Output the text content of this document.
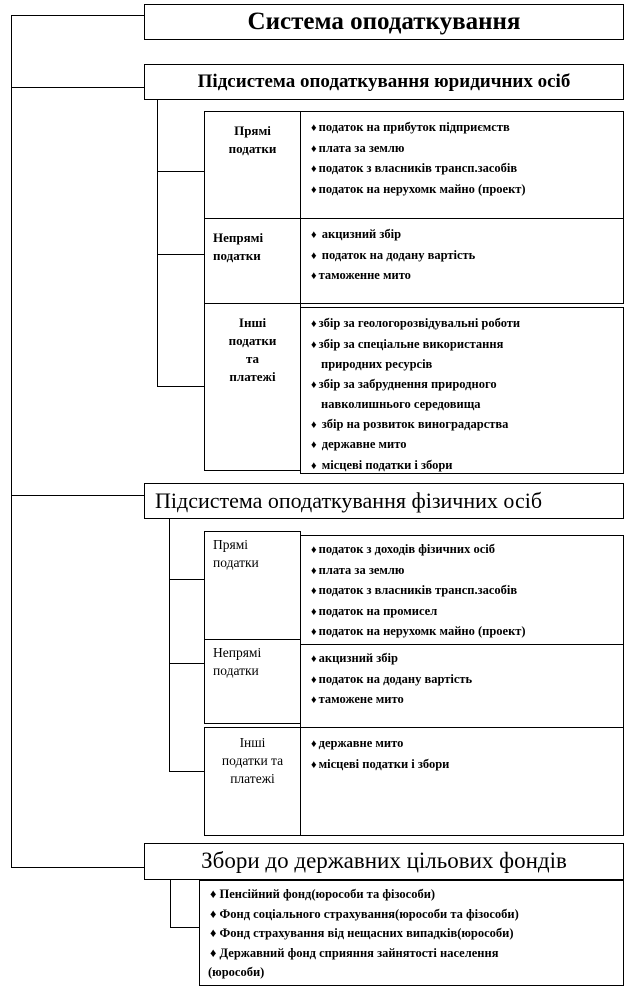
Система оподаткування
Підсистема оподаткування юридичних осіб
Прямі
податки
♦ податок на прибуток підприємств
♦ плата за землю
♦ податок з власників трансп.засобів
♦ податок на нерухомк майно (проект)
Непрямі
податки
♦ акцизний збір
♦ податок на додану вартість
♦ таможенне мито
Інші
податки
та
платежі
♦ збір за геологорозвідувальні роботи
♦ збір за спеціальне використання
природних ресурсів
♦ збір за забруднення природного
навколишнього середовища
♦ збір на розвиток виноградарства
♦ державне мито
♦ місцеві податки і збори
Підсистема оподаткування фізичних осіб
Прямі
податки
♦ податок з доходів фізичних осіб
♦ плата за землю
♦ податок з власників трансп.засобів
♦ податок на промисел
♦ податок на нерухомк майно (проект)
Непрямі
податки
♦ акцизний збір
♦ податок на додану вартість
♦ таможене мито
Інші
податки та
платежі
♦ державне мито
♦ місцеві податки і збори
Збори до державних цільових фондів
♦ Пенсійний фонд(юрособи та фізособи)
♦ Фонд соціального страхування(юрособи та фізособи)
♦ Фонд страхування від нещасних випадків(юрособи)
♦ Державний фонд сприяння зайнятості населення
(юрособи)
